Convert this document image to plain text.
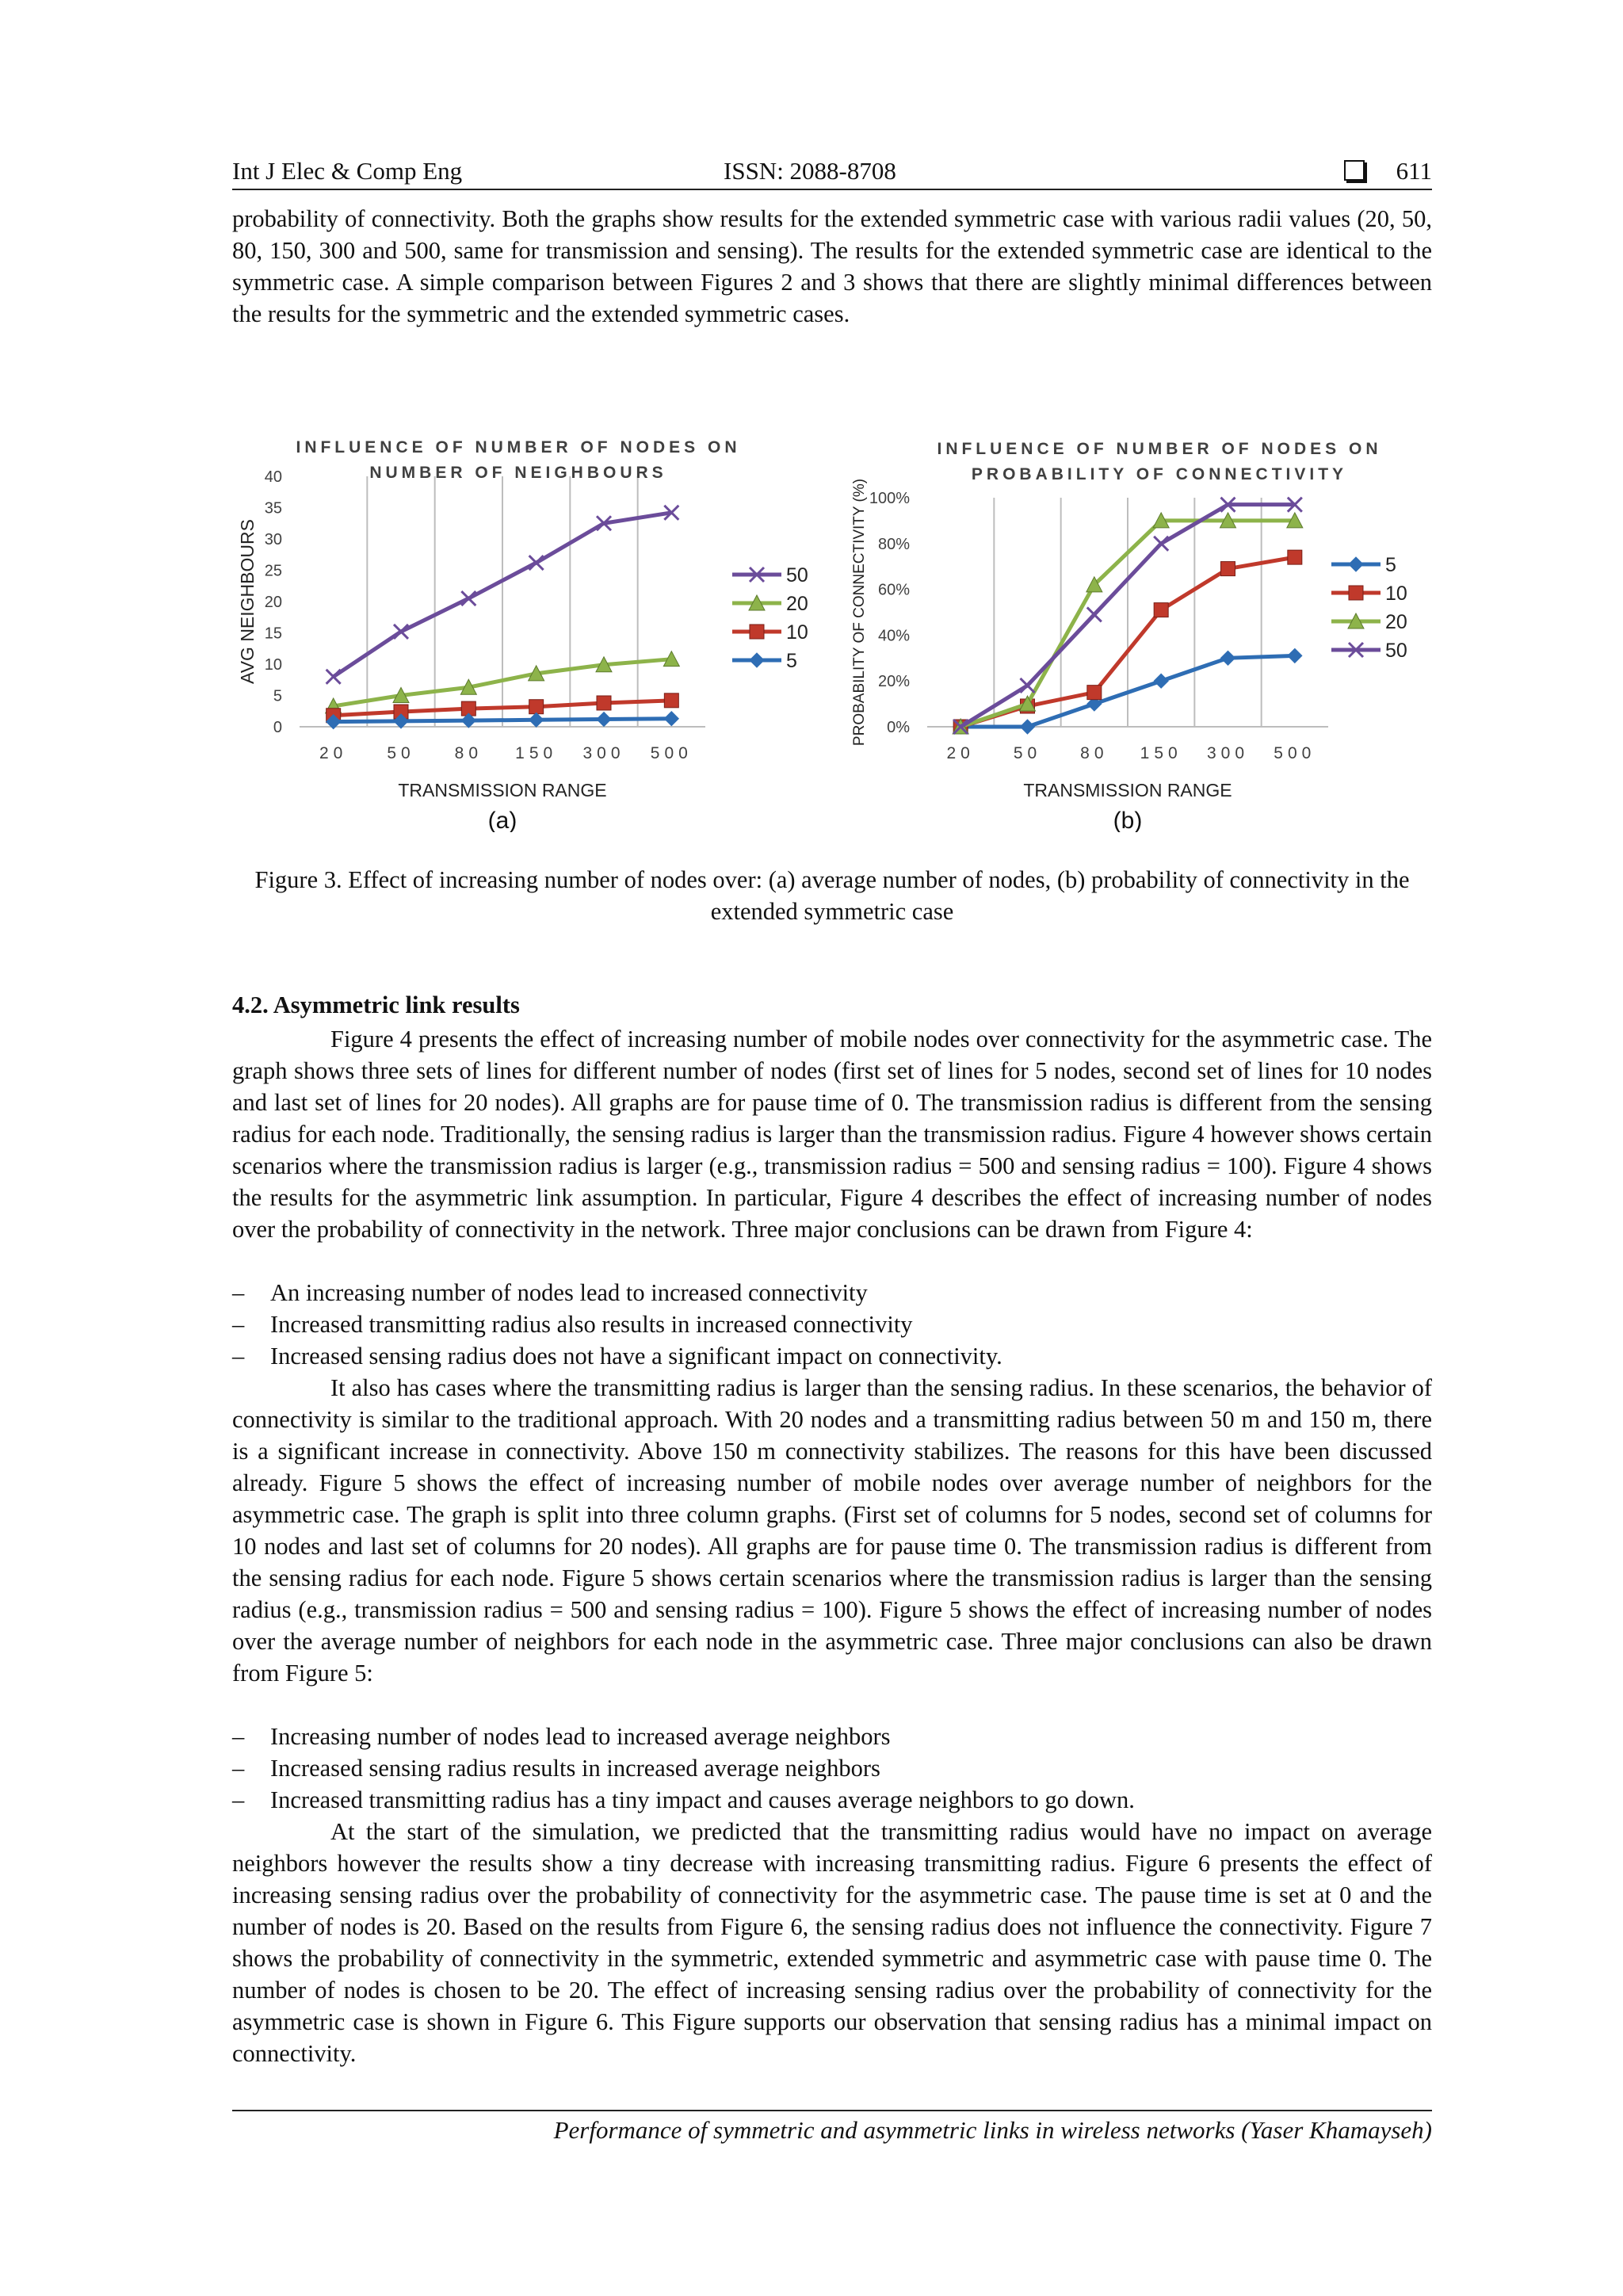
Int J Elec & Comp Eng	ISSN: 2088-8708	611
probability of connectivity. Both the graphs show results for the extended symmetric case with various radii values (20, 50, 80, 150, 300 and 500, same for transmission and sensing). The results for the extended symmetric case are identical to the symmetric case. A simple comparison between Figures 2 and 3 shows that there are slightly minimal differences between the results for the symmetric and the extended symmetric cases.
INFLUENCE OF NUMBER OF NODES ON
NUMBER OF NEIGHBOURS
0
5
10
15
20
25
30
35
40
20 50 80 150 300 500
TRANSMISSION RANGE
AVG NEIGHBOURS
(a)
50
20
10
5
INFLUENCE OF NUMBER OF NODES ON
PROBABILITY OF CONNECTIVITY
0%
20%
40%
60%
80%
100%
20 50 80 150 300 500
TRANSMISSION RANGE
PROBABILITY OF CONNECTIVITY (%)
(b)
5
10
20
50
Figure 3. Effect of increasing number of nodes over: (a) average number of nodes, (b) probability of connectivity in the extended symmetric case
4.2. Asymmetric link results
Figure 4 presents the effect of increasing number of mobile nodes over connectivity for the asymmetric case. The graph shows three sets of lines for different number of nodes (first set of lines for 5 nodes, second set of lines for 10 nodes and last set of lines for 20 nodes). All graphs are for pause time of 0. The transmission radius is different from the sensing radius for each node. Traditionally, the sensing radius is larger than the transmission radius. Figure 4 however shows certain scenarios where the transmission radius is larger (e.g., transmission radius = 500 and sensing radius = 100). Figure 4 shows the results for the asymmetric link assumption. In particular, Figure 4 describes the effect of increasing number of nodes over the probability of connectivity in the network. Three major conclusions can be drawn from Figure 4:
–	An increasing number of nodes lead to increased connectivity
–	Increased transmitting radius also results in increased connectivity
–	Increased sensing radius does not have a significant impact on connectivity.
It also has cases where the transmitting radius is larger than the sensing radius. In these scenarios, the behavior of connectivity is similar to the traditional approach. With 20 nodes and a transmitting radius between 50 m and 150 m, there is a significant increase in connectivity. Above 150 m connectivity stabilizes. The reasons for this have been discussed already. Figure 5 shows the effect of increasing number of mobile nodes over average number of neighbors for the asymmetric case. The graph is split into three column graphs. (First set of columns for 5 nodes, second set of columns for 10 nodes and last set of columns for 20 nodes). All graphs are for pause time 0. The transmission radius is different from the sensing radius for each node. Figure 5 shows certain scenarios where the transmission radius is larger than the sensing radius (e.g., transmission radius = 500 and sensing radius = 100). Figure 5 shows the effect of increasing number of nodes over the average number of neighbors for each node in the asymmetric case. Three major conclusions can also be drawn from Figure 5:
–	Increasing number of nodes lead to increased average neighbors
–	Increased sensing radius results in increased average neighbors
–	Increased transmitting radius has a tiny impact and causes average neighbors to go down.
At the start of the simulation, we predicted that the transmitting radius would have no impact on average neighbors however the results show a tiny decrease with increasing transmitting radius. Figure 6 presents the effect of increasing sensing radius over the probability of connectivity for the asymmetric case. The pause time is set at 0 and the number of nodes is 20. Based on the results from Figure 6, the sensing radius does not influence the connectivity. Figure 7 shows the probability of connectivity in the symmetric, extended symmetric and asymmetric case with pause time 0. The number of nodes is chosen to be 20. The effect of increasing sensing radius over the probability of connectivity for the asymmetric case is shown in Figure 6. This Figure supports our observation that sensing radius has a minimal impact on connectivity.
Performance of symmetric and asymmetric links in wireless networks (Yaser Khamayseh)
